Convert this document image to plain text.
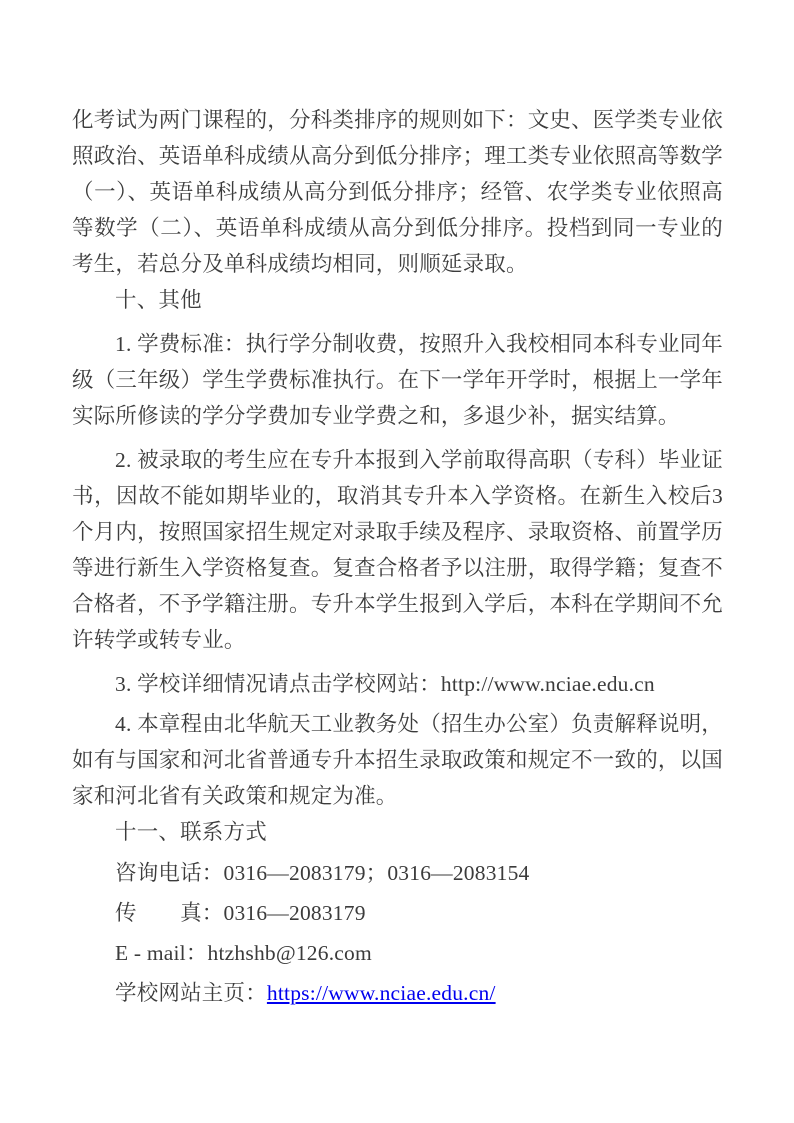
化考试为两门课程的，分科类排序的规则如下：文史、医学类专业依照政治、英语单科成绩从高分到低分排序；理工类专业依照高等数学（一）、英语单科成绩从高分到低分排序；经管、农学类专业依照高等数学（二）、英语单科成绩从高分到低分排序。投档到同一专业的考生，若总分及单科成绩均相同，则顺延录取。

十、其他

1. 学费标准：执行学分制收费，按照升入我校相同本科专业同年级（三年级）学生学费标准执行。在下一学年开学时，根据上一学年实际所修读的学分学费加专业学费之和，多退少补，据实结算。

2. 被录取的考生应在专升本报到入学前取得高职（专科）毕业证书，因故不能如期毕业的，取消其专升本入学资格。在新生入校后3个月内，按照国家招生规定对录取手续及程序、录取资格、前置学历等进行新生入学资格复查。复查合格者予以注册，取得学籍；复查不合格者，不予学籍注册。专升本学生报到入学后，本科在学期间不允许转学或转专业。

3. 学校详细情况请点击学校网站：http://www.nciae.edu.cn

4. 本章程由北华航天工业教务处（招生办公室）负责解释说明，如有与国家和河北省普通专升本招生录取政策和规定不一致的，以国家和河北省有关政策和规定为准。

十一、联系方式

咨询电话：0316—2083179；0316—2083154

传　　真：0316—2083179

E - mail：htzhshb@126.com

学校网站主页：https://www.nciae.edu.cn/
